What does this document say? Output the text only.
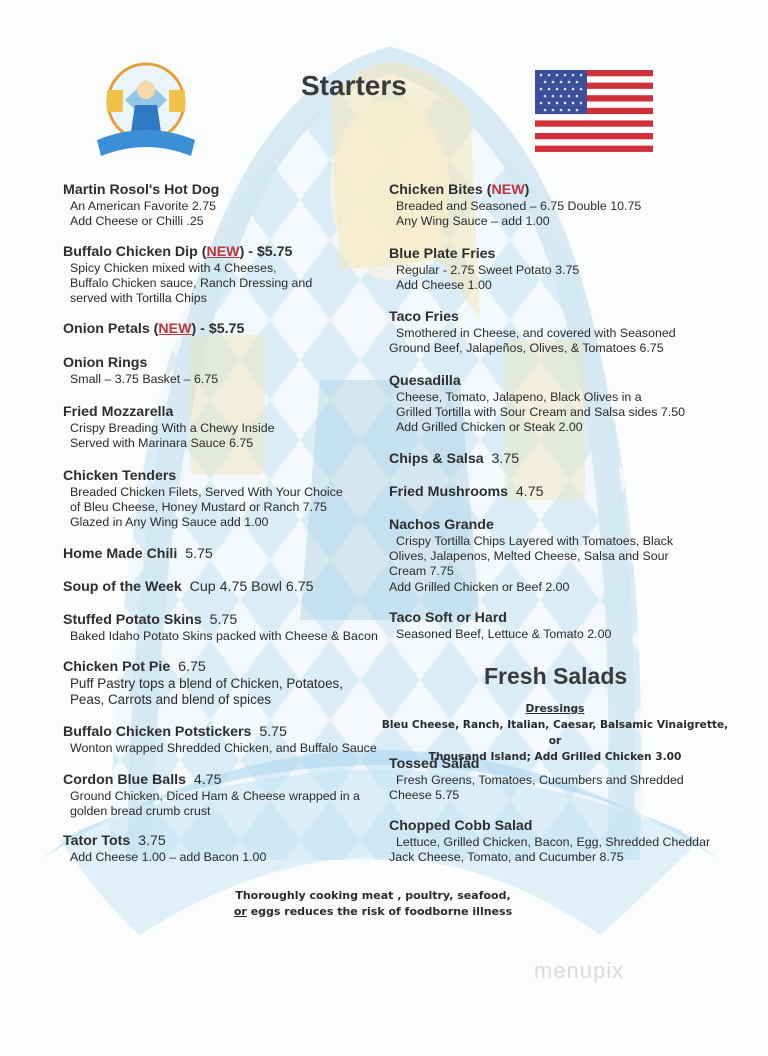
Starters
Fresh Salads
Martin Rosol's Hot Dog
An American Favorite 2.75
Add Cheese or Chilli .25
Buffalo Chicken Dip (NEW) - $5.75
Spicy Chicken mixed with 4 Cheeses,
Buffalo Chicken sauce, Ranch Dressing and
served with Tortilla Chips
Onion Petals (NEW) - $5.75
Onion Rings
Small – 3.75 Basket – 6.75
Fried Mozzarella
Crispy Breading With a Chewy Inside
Served with Marinara Sauce 6.75
Chicken Tenders
Breaded Chicken Filets, Served With Your Choice
of Bleu Cheese, Honey Mustard or Ranch 7.75
Glazed in Any Wing Sauce add 1.00
Home Made Chili 5.75
Soup of the Week Cup 4.75 Bowl 6.75
Stuffed Potato Skins 5.75
Baked Idaho Potato Skins packed with Cheese & Bacon
Chicken Pot Pie 6.75
Puff Pastry tops a blend of Chicken, Potatoes,
Peas, Carrots and blend of spices
Buffalo Chicken Potstickers 5.75
Wonton wrapped Shredded Chicken, and Buffalo Sauce
Cordon Blue Balls 4.75
Ground Chicken, Diced Ham & Cheese wrapped in a
golden bread crumb crust
Tator Tots 3.75
Add Cheese 1.00 – add Bacon 1.00
Chicken Bites (NEW)
Breaded and Seasoned – 6.75 Double 10.75
Any Wing Sauce – add 1.00
Blue Plate Fries
Regular - 2.75 Sweet Potato 3.75
Add Cheese 1.00
Taco Fries
Smothered in Cheese, and covered with Seasoned
Ground Beef, Jalapeños, Olives, & Tomatoes 6.75
Quesadilla
Cheese, Tomato, Jalapeno, Black Olives in a
Grilled Tortilla with Sour Cream and Salsa sides 7.50
Add Grilled Chicken or Steak 2.00
Chips & Salsa 3.75
Fried Mushrooms 4.75
Nachos Grande
Crispy Tortilla Chips Layered with Tomatoes, Black
Olives, Jalapenos, Melted Cheese, Salsa and Sour
Cream 7.75
Add Grilled Chicken or Beef 2.00
Taco Soft or Hard
Seasoned Beef, Lettuce & Tomato 2.00
Dressings
Bleu Cheese, Ranch, Italian, Caesar, Balsamic Vinaigrette, or
Thousand Island; Add Grilled Chicken 3.00
Tossed Salad
Fresh Greens, Tomatoes, Cucumbers and Shredded
Cheese 5.75
Chopped Cobb Salad
Lettuce, Grilled Chicken, Bacon, Egg, Shredded Cheddar
Jack Cheese, Tomato, and Cucumber 8.75
Thoroughly cooking meat , poultry, seafood,
or eggs reduces the risk of foodborne illness
menupix
